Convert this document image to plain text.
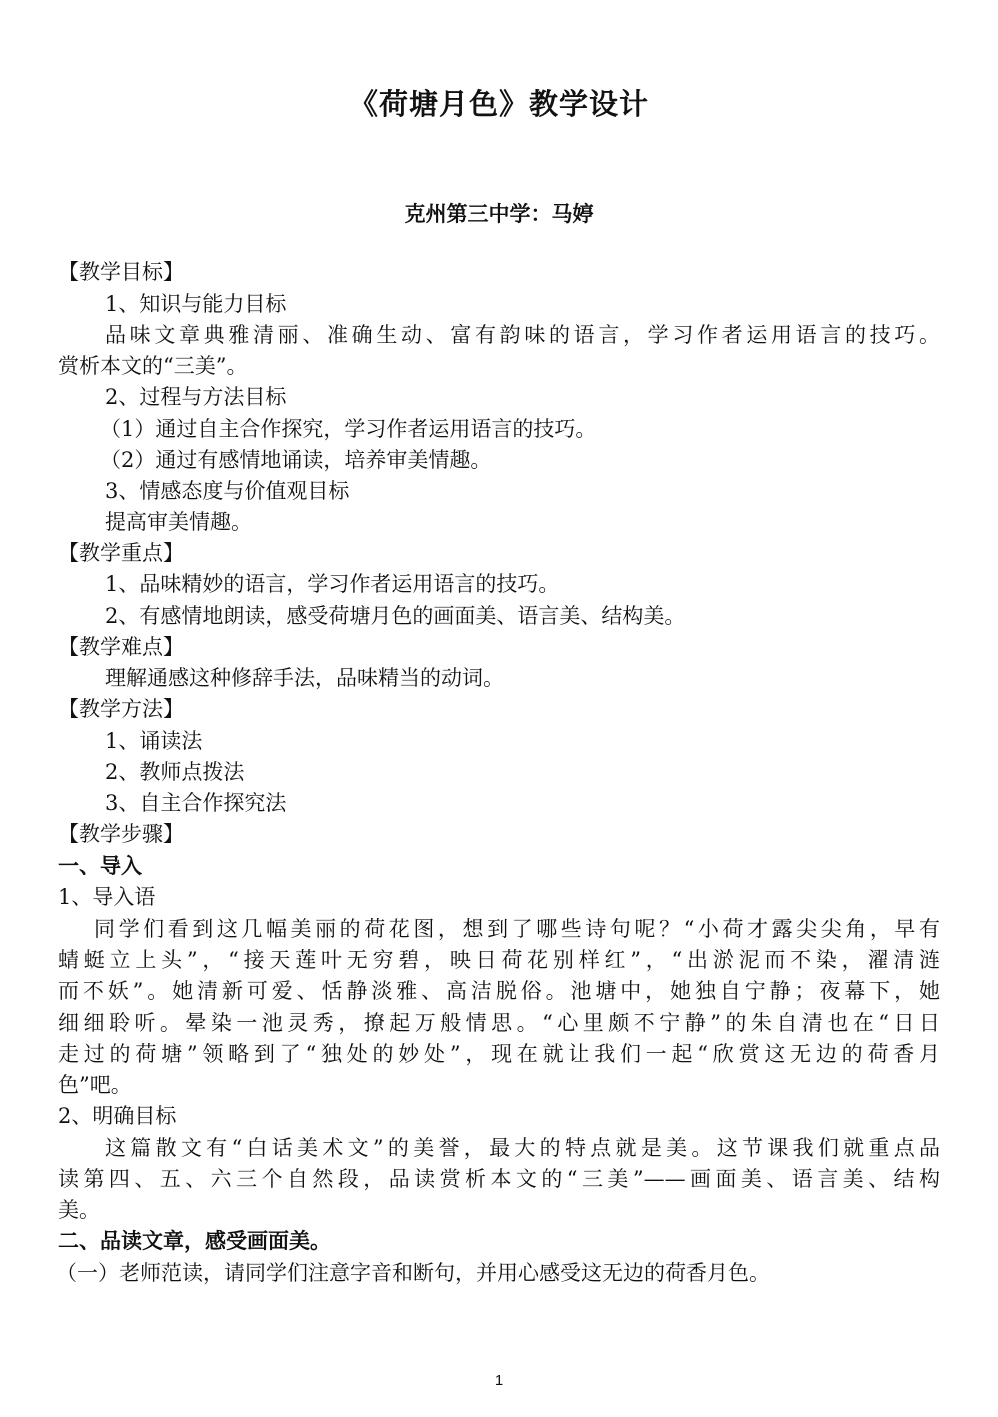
《荷塘月色》教学设计
克州第三中学：马婷
【教学目标】
1、知识与能力目标
品味文章典雅清丽、准确生动、富有韵味的语言，学习作者运用语言的技巧。
赏析本文的“三美”。
2、过程与方法目标
（1）通过自主合作探究，学习作者运用语言的技巧。
（2）通过有感情地诵读，培养审美情趣。
3、情感态度与价值观目标
提高审美情趣。
【教学重点】
1、品味精妙的语言，学习作者运用语言的技巧。
2、有感情地朗读，感受荷塘月色的画面美、语言美、结构美。
【教学难点】
理解通感这种修辞手法，品味精当的动词。
【教学方法】
1、诵读法
2、教师点拨法
3、自主合作探究法
【教学步骤】
一、导入
1、导入语
同学们看到这几幅美丽的荷花图，想到了哪些诗句呢？“小荷才露尖尖角，早有
蜻蜓立上头”，“接天莲叶无穷碧，映日荷花别样红”，“出淤泥而不染，濯清涟
而不妖”。她清新可爱、恬静淡雅、高洁脱俗。池塘中，她独自宁静；夜幕下，她
细细聆听。晕染一池灵秀，撩起万般情思。“心里颇不宁静”的朱自清也在“日日
走过的荷塘”领略到了“独处的妙处”，现在就让我们一起“欣赏这无边的荷香月
色”吧。
2、明确目标
这篇散文有“白话美术文”的美誉，最大的特点就是美。这节课我们就重点品
读第四、五、六三个自然段，品读赏析本文的“三美”——画面美、语言美、结构
美。
二、品读文章，感受画面美。
（一）老师范读，请同学们注意字音和断句，并用心感受这无边的荷香月色。
1
